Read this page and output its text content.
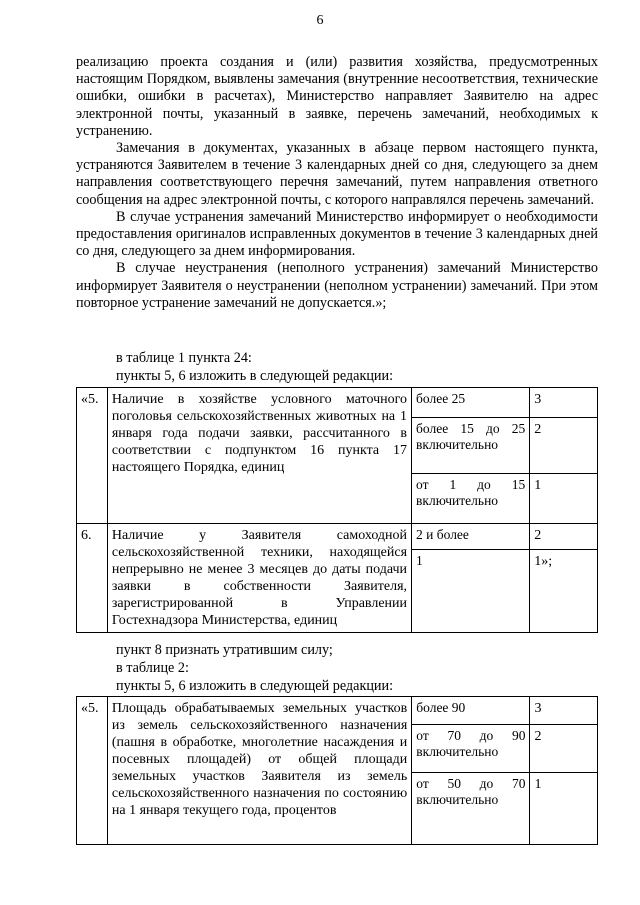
6

реализацию проекта создания и (или) развития хозяйства, предусмотренных настоящим Порядком, выявлены замечания (внутренние несоответствия, технические ошибки, ошибки в расчетах), Министерство направляет Заявителю на адрес электронной почты, указанный в заявке, перечень замечаний, необходимых к устранению.

Замечания в документах, указанных в абзаце первом настоящего пункта, устраняются Заявителем в течение 3 календарных дней со дня, следующего за днем направления соответствующего перечня замечаний, путем направления ответного сообщения на адрес электронной почты, с которого направлялся перечень замечаний.

В случае устранения замечаний Министерство информирует о необходимости предоставления оригиналов исправленных документов в течение 3 календарных дней со дня, следующего за днем информирования.

В случае неустранения (неполного устранения) замечаний Министерство информирует Заявителя о неустранении (неполном устранении) замечаний. При этом повторное устранение замечаний не допускается.»;

в таблице 1 пункта 24:
пункты 5, 6 изложить в следующей редакции:
«5.	Наличие в хозяйстве условного маточного поголовья сельскохозяйственных животных на 1 января года подачи заявки, рассчитанного в соответствии с подпунктом 16 пункта 17 настоящего Порядка, единиц	более 25	3
		более 15 до 25 включительно	2
		от 1 до 15 включительно	1
6.	Наличие у Заявителя самоходной сельскохозяйственной техники, находящейся непрерывно не менее 3 месяцев до даты подачи заявки в собственности Заявителя, зарегистрированной в Управлении Гостехнадзора Министерства, единиц	2 и более	2
		1	1»;
пункт 8 признать утратившим силу;
в таблице 2:
пункты 5, 6 изложить в следующей редакции:
«5.	Площадь обрабатываемых земельных участков из земель сельскохозяйственного назначения (пашня в обработке, многолетние насаждения и посевных площадей) от общей площади земельных участков Заявителя из земель сельскохозяйственного назначения по состоянию на 1 января текущего года, процентов	более 90	3
		от 70 до 90 включительно	2
		от 50 до 70 включительно	1
